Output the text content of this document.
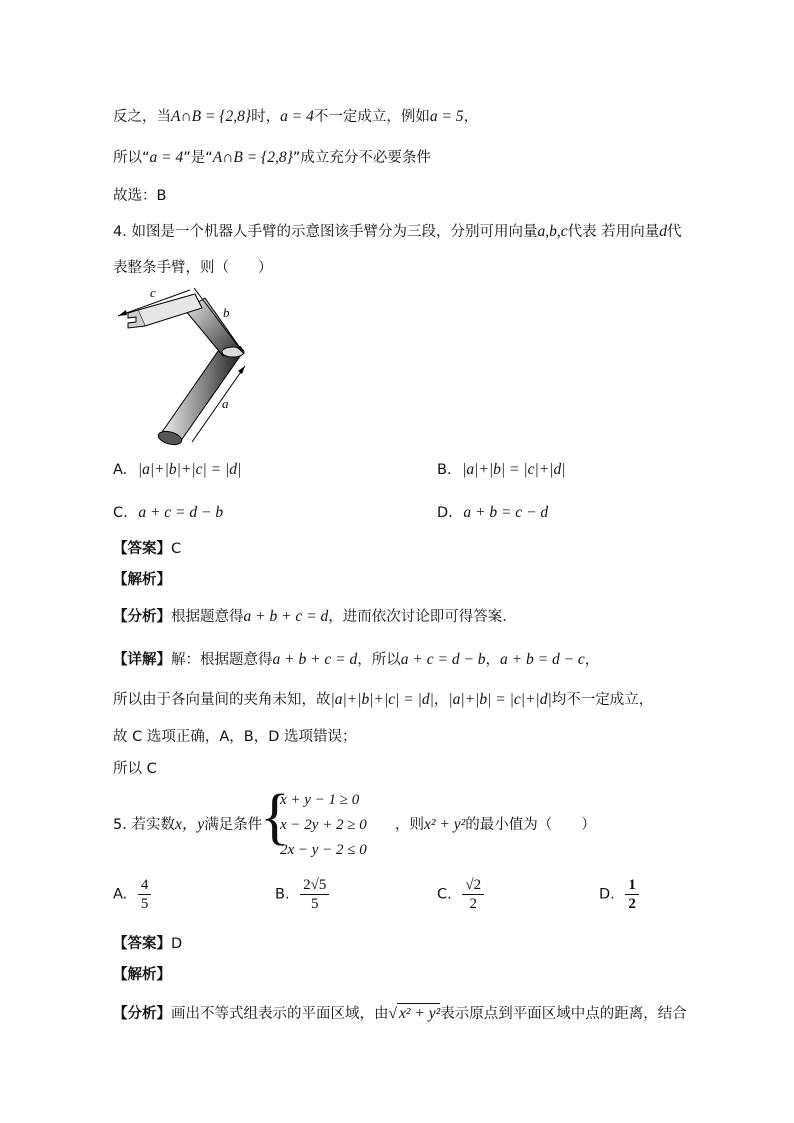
反之，当A∩B = {2,8}时，a = 4不一定成立，例如a = 5，
所以“a = 4”是“A∩B = {2,8}”成立充分不必要条件
故选：B
4. 如图是一个机器人手臂的示意图该手臂分为三段，分别可用向量a,b,c代表 若用向量d代
表整条手臂，则（　　）
c
b
a
A. |a|+|b|+|c| = |d|	B. |a|+|b| = |c|+|d|
C. a + c = d − b	D. a + b = c − d
【答案】C
【解析】
【分析】根据题意得a + b + c = d，进而依次讨论即可得答案.
【详解】解：根据题意得a + b + c = d，所以a + c = d − b，a + b = d − c，
所以由于各向量间的夹角未知，故|a|+|b|+|c| = |d|，|a|+|b| = |c|+|d|均不一定成立，
故 C 选项正确，A，B，D 选项错误；
所以 C
5. 若实数x，y满足条件
{
x + y − 1 ≥ 0
x − 2y + 2 ≥ 0
2x − y − 2 ≤ 0
，则x² + y²的最小值为（　　）
A. $\frac{4}{5}$	B. $\frac{2√5}{5}$	C. $\frac{√2}{2}$	D. $\frac{1}{2}$
【答案】D
【解析】
【分析】画出不等式组表示的平面区域，由√ x² + y²表示原点到平面区域中点的距离，结合
